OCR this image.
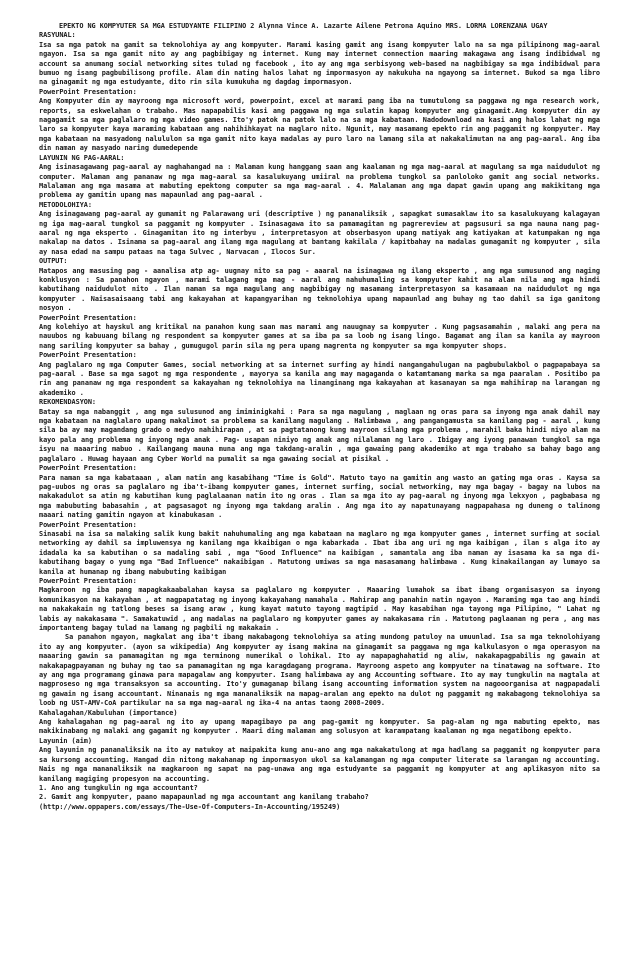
EPEKTO NG KOMPYUTER SA MGA ESTUDYANTE FILIPINO 2 Alynna Vince A. Lazarte Ailene Petrona Aquino MRS. LORMA LORENZANA UGAY

RASYUNAL:

Isa sa mga patok na gamit sa teknolohiya ay ang kompyuter. Marami kasing gamit ang isang kompyuter lalo na sa mga pilipinong mag-aaral ngayon. Isa sa mga gamit nito ay ang pagbibigay ng internet. Kung may internet connection maaring makagawa ang isang indibidwal ng account sa anumang social networking sites tulad ng facebook , ito ay ang mga serbisyong web-based na nagbibigay sa mga indibidwal para bumuo ng isang pagbubilisong profile. Alam din nating halos lahat ng impormasyon ay nakukuha na ngayong sa internet. Bukod sa mga libro na ginagamit ng mga estudyante, dito rin sila kumukuha ng dagdag impormasyon.

PowerPoint Presentation:

Ang Kompyuter din ay mayroong mga microsoft word, powerpoint, excel at marami pang iba na tumutulong sa paggawa ng mga research work, reports, sa eskwelahan o trabaho. Mas napapabilis kasi ang paggawa ng mga sulatin kapag kompyuter ang ginagamit.Ang kompyuter din ay nagagamit sa mga paglalaro ng mga video games. Ito'y patok na patok lalo na sa mga kabataan. Nadodownload na kasi ang halos lahat ng mga laro sa kompyuter kaya maraming kabataan ang nahihihkayat na maglaro nito. Ngunit, may masamang epekto rin ang paggamit ng kompyuter. May mga kabataan na masyadong nalululon sa mga gamit nito kaya madalas ay puro laro na lamang sila at nakakalimutan na ang pag-aaral. Ang iba din naman ay masyado naring dumedepende

LAYUNIN NG PAG-AARAL:

Ang isinasagawang pag-aaral ay naghahangad na : Malaman kung hanggang saan ang kaalaman ng mga mag-aaral at magulang sa mga naidudulot ng computer. Malaman ang pananaw ng mga mag-aaral sa kasalukuyang umiiral na problema tungkol sa panloloko gamit ang social networks. Malalaman ang mga masama at mabuting epektong computer sa mga mag-aaral . 4. Malalaman ang mga dapat gawin upang ang makikitang mga problema ay gamitin upang mas mapaunlad ang pag-aaral .

METODOLOHIYA:

Ang isinagawang pag-aaral ay gumamit ng Palarawang uri (descriptive ) ng pananaliksik , sapagkat sumasaklaw ito sa kasalukuyang kalagayan ng iga mag-aaral tungkol sa paggamit ng kompyuter . Isinasagawa ito sa pamamagitan ng pagrereview at pagsusuri sa mga nauna nang pag-aaral ng mga eksperto . Ginagamitan ito ng interbyu , interpretasyon at obserbasyon upang matiyak ang katiyakan at katumpakan ng mga nakalap na datos . Isinama sa pag-aaral ang ilang mga magulang at bantang kakilala / kapitbahay na madalas gumagamit ng kompyuter , sila ay nasa edad na sampu pataas na taga Sulvec , Narvacan , Ilocos Sur.

OUTPUT:

Matapos ang masusing pag - aanalisa atp ag- uugnay nito sa pag - aaaral na isinagawa ng ilang eksperto , ang mga sumusunod ang naging konklusyon : Sa panahon ngayon , marami talagang mga mag - aaral ang nahuhumaling sa kompyuter kahit na alam nila ang mga hindi kabutihang naidudulot nito . Ilan naman sa mga magulang ang nagbibigay ng masamang interpretasyon sa kasamaan na naidudulot ng mga kompyuter . Naisasaisaang tabi ang kakayahan at kapangyarihan ng teknolohiya upang mapaunlad ang buhay ng tao dahil sa iga ganitong nosyon .

PowerPoint Presentation:

Ang kolehiyo at hayskul ang kritikal na panahon kung saan mas marami ang nauugnay sa kompyuter . Kung pagsasamahin , malaki ang pera na nauubos ng kabuuang bilang ng respondent sa kompyuter games at sa iba pa sa loob ng isang lingo. Bagamat ang ilan sa kanila ay mayroon nang sariling kompyuter sa bahay , gumugugol parin sila ng pera upang magrenta ng kompyuter sa mga kompyuter shops.

PowerPoint Presentation:

Ang paglalaro ng mga Computer Games, social networking at sa internet surfing ay hindi nangangahulugan na pagbubulakbol o pagpapabaya sa pag-aaral . Base sa mga sagot ng mga respondente , mayorya sa kanila ang may magaganda o katamtamang marka sa mga paaralan . Positibo pa rin ang pananaw ng mga respondent sa kakayahan ng teknolohiya na linanginang mga kakayahan at kasanayan sa mga mahihirap na larangan ng akademiko .

REKOMENDASYON:

Batay sa mga nabanggit , ang mga sulusunod ang imiminigkahi : Para sa mga magulang , maglaan ng oras para sa inyong mga anak dahil may mga kabataan na naglalaro upang makalimot sa problema sa kanilang magulang . Halimbawa , ang pangangamusta sa kanilang pag - aaral , kung sila ba ay may magandang grado o medyo nahihirapan , at sa pagtatanong kung mayroon silang mga problema , marahil baka hindi niyo alam na kayo pala ang problema ng inyong mga anak . Pag- usapan niniyo ng anak ang nilalaman ng laro . Ibigay ang iyong panawan tungkol sa mga isyu na maaaring mabuo . Kailangang mauna muna ang mga takdang-aralin , mga gawaing pang akademiko at mga trabaho sa bahay bago ang paglalaro . Huwag hayaan ang Cyber World na pumalit sa mga gawaing social at pisikal .

PowerPoint Presentation:

Para naman sa mga kabataaan , alam natin ang kasabihang "Time is Gold". Matuto tayo na gamitin ang wasto an gating mga oras . Kaysa sa pag-uubos ng oras sa paglalaro ng iba't-ibang kompyuter games, internet surfing, social networking, may mga bagay - bagay na lubos na makakadulot sa atin ng kabutihan kung paglalaanan natin ito ng oras . Ilan sa mga ito ay pag-aaral ng inyong mga lekxyon , pagbabasa ng mga mabubuting babasahin , at pagsasagot ng inyong mga takdang aralin . Ang mga ito ay napatunayang nagpapahasa ng duneng o talinong maaari nating gamitin ngayon at kinabukasan .

PowerPoint Presentation:

Sinasabi na isa sa malaking salik kung bakit nahuhumaling ang mga kabataan na maglaro ng mga kompyuter games , internet surfing at social networking ay dahil sa impluwensya ng kanilang mga kkaibigan o mga kabarkada . Ibat iba ang uri ng mga kaibigan , ilan s alga ito ay idadala ka sa kabutihan o sa madaling sabi , mga "Good Influence" na kaibigan , samantala ang iba naman ay isasama ka sa mga di-kabutihang bagay o yung mga "Bad Influence" nakaibigan . Matutong umiwas sa mga masasamang halimbawa . Kung kinakailangan ay lumayo sa kanila at humanap ng ibang mabubuting kaibigan

PowerPoint Presentation:

Magkaroon ng iba pang mapagkakaabalahan kaysa sa paglalaro ng kompyuter . Maaaring lumahok sa ibat ibang organisasyon sa inyong komunikasyon na kakayahan , at nagpapatatag ng inyong kakayahang mamahala . Mahirap ang panahin natin ngayon . Maraming mga tao ang hindi na nakakakain ng tatlong beses sa isang araw , kung kayat matuto tayong magtipid . May kasabihan nga tayong mga Pilipino, " Lahat ng labis ay nakakasama ". Samakatuwid , ang madalas na paglalaro ng kompyuter games ay nakakasama rin . Matutong paglaanan ng pera , ang mas importanteng bagay tulad na lamang ng pagbili ng makakain .

Sa panahon ngayon, magkalat ang iba't ibang makabagong teknolohiya sa ating mundong patuloy na umuunlad. Isa sa mga teknolohiyang ito ay ang kompyuter. (ayon sa wikipedia) Ang kompyuter ay isang makina na ginagamit sa paggawa ng mga kalkulasyon o mga operasyon na maaaring gawin sa pamamagitan ng mga terminong numerikal o lohikal. Ito ay napapaghahatid ng aliw, nakakapagpabilis ng gawain at nakakapagpayaman ng buhay ng tao sa pamamagitan ng mga karagdagang programa. Mayroong aspeto ang kompyuter na tinatawag na software. Ito ay ang mga programang ginawa para mapagalaw ang kompyuter. Isang halimbawa ay ang Accounting software. Ito ay may tungkulin na magtala at magproseso ng mga transaksyon sa accounting. Ito'y gumaganap bilang isang accounting information system na nagooorganisa at nagpapadali ng gawain ng isang accountant. Ninanais ng mga mananaliksik na mapag-aralan ang epekto na dulot ng paggamit ng makabagong teknolohiya sa loob ng UST-AMV-CoA partikular na sa mga mag-aaral ng ika-4 na antas taong 2008-2009.

Kahalagahan/Kabuluhan (importance)

Ang kahalagahan ng pag-aaral ng ito ay upang mapagibayo pa ang pag-gamit ng kompyuter. Sa pag-alam ng mga mabuting epekto, mas makikinabang ng malaki ang gagamit ng kompyuter . Maari ding malaman ang solusyon at karampatang kaalaman ng mga negatibong epekto.

Layunin (aim)

Ang layunin ng pananaliksik na ito ay matukoy at maipakita kung anu-ano ang mga nakakatulong at mga hadlang sa paggamit ng kompyuter para sa kursong accounting. Hangad din nitong makahanap ng impormasyon ukol sa kalamangan ng mga computer literate sa larangan ng accounting. Nais ng mga mananaliksik na magkaroon ng sapat na pag-unawa ang mga estudyante sa paggamit ng kompyuter at ang aplikasyon nito sa kanilang magiging propesyon na accounting.

1. Ano ang tungkulin ng mga accountant?

2. Gamit ang kompyuter, paano mapapaunlad ng mga accountant ang kanilang trabaho?

(http://www.oppapers.com/essays/The-Use-Of-Computers-In-Accounting/195249)
